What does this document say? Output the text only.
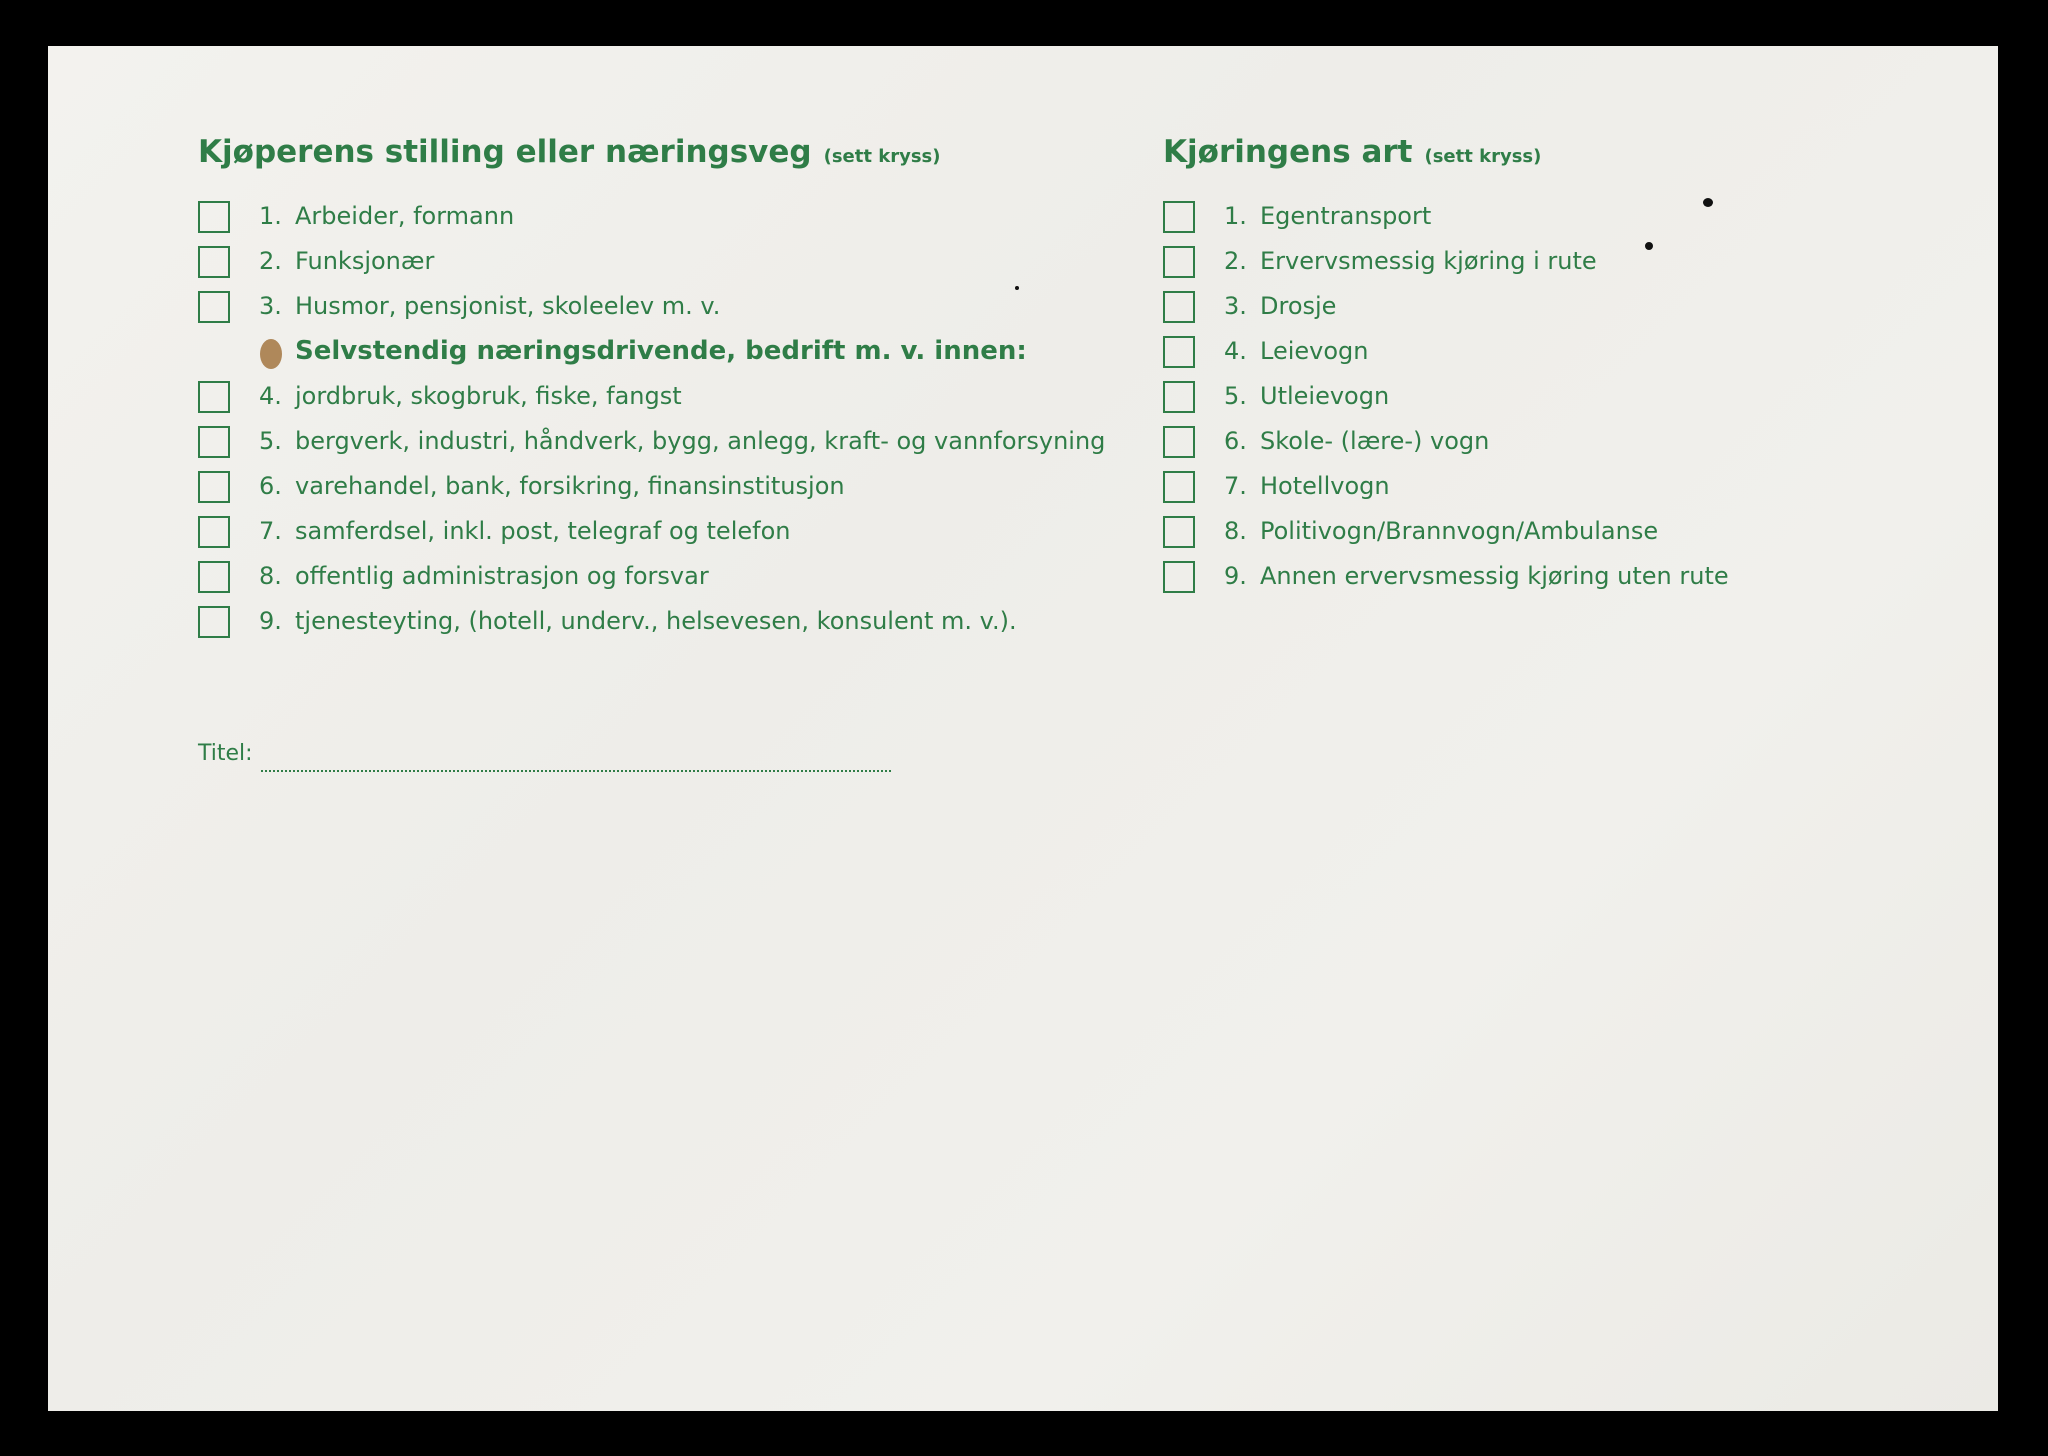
Kjøperens stilling eller næringsveg (sett kryss)
1. Arbeider, formann
2. Funksjonær
3. Husmor, pensjonist, skoleelev m. v.
Selvstendig næringsdrivende, bedrift m. v. innen:
4. jordbruk, skogbruk, fiske, fangst
5. bergverk, industri, håndverk, bygg, anlegg, kraft- og vannforsyning
6. varehandel, bank, forsikring, finansinstitusjon
7. samferdsel, inkl. post, telegraf og telefon
8. offentlig administrasjon og forsvar
9. tjenesteyting, (hotell, underv., helsevesen, konsulent m. v.).
Kjøringens art (sett kryss)
1. Egentransport
2. Ervervsmessig kjøring i rute
3. Drosje
4. Leievogn
5. Utleievogn
6. Skole- (lære-) vogn
7. Hotellvogn
8. Politivogn/Brannvogn/Ambulanse
9. Annen ervervsmessig kjøring uten rute
Titel:
